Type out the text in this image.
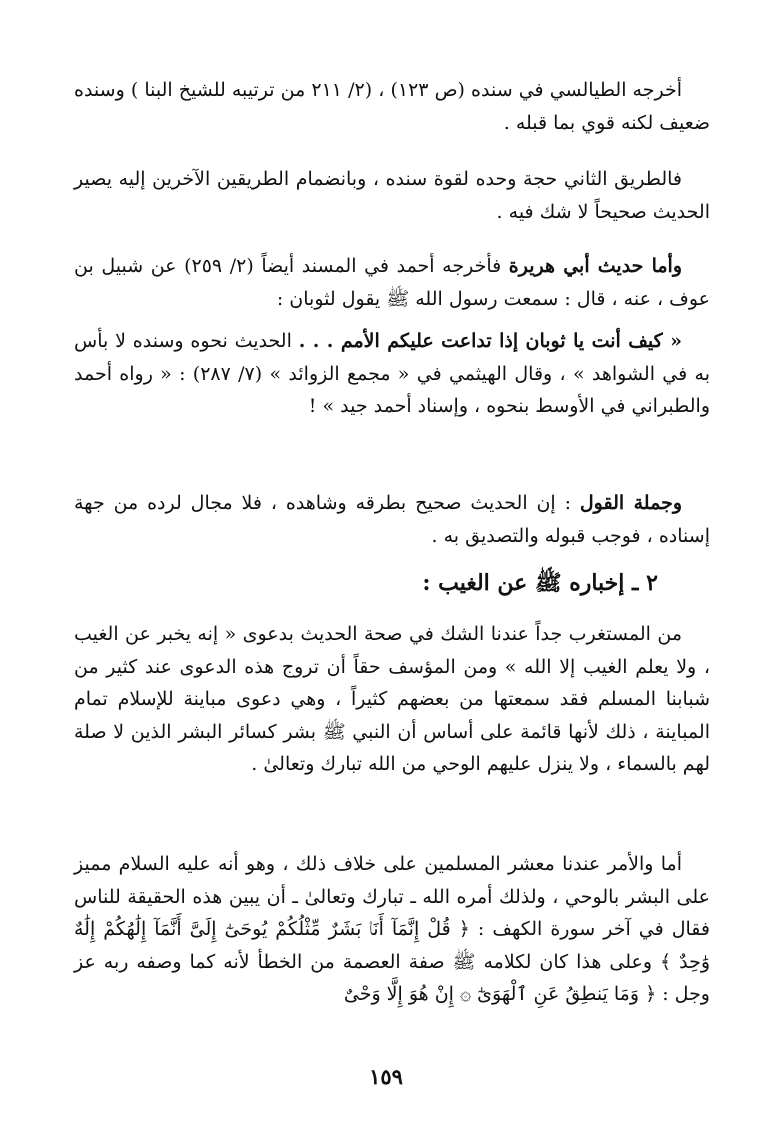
أخرجه الطيالسي في سنده (ص ١٢٣) ، (٢/ ٢١١ من ترتيبه للشيخ البنا ) وسنده ضعيف لكنه قوي بما قبله .

فالطريق الثاني حجة وحده لقوة سنده ، وبانضمام الطريقين الآخرين إليه يصير الحديث صحيحاً لا شك فيه .

وأما حديث أبي هريرة فأخرجه أحمد في المسند أيضاً (٢/ ٢٥٩) عن شبيل بن عوف ، عنه ، قال : سمعت رسول الله ﷺ يقول لثوبان :

« كيف أنت يا ثوبان إذا تداعت عليكم الأمم . . . الحديث نحوه وسنده لا بأس به في الشواهد » ، وقال الهيثمي في « مجمع الزوائد » (٧/ ٢٨٧) : « رواه أحمد والطبراني في الأوسط بنحوه ، وإسناد أحمد جيد » !

وجملة القول : إن الحديث صحيح بطرقه وشاهده ، فلا مجال لرده من جهة إسناده ، فوجب قبوله والتصديق به .

٢ ـ إخباره ﷺ عن الغيب :

من المستغرب جداً عندنا الشك في صحة الحديث بدعوى « إنه يخبر عن الغيب ، ولا يعلم الغيب إلا الله » ومن المؤسف حقاً أن تروج هذه الدعوى عند كثير من شبابنا المسلم فقد سمعتها من بعضهم كثيراً ، وهي دعوى مباينة للإسلام تمام المباينة ، ذلك لأنها قائمة على أساس أن النبي ﷺ بشر كسائر البشر الذين لا صلة لهم بالسماء ، ولا ينزل عليهم الوحي من الله تبارك وتعالىٰ .

أما والأمر عندنا معشر المسلمين على خلاف ذلك ، وهو أنه عليه السلام مميز على البشر بالوحي ، ولذلك أمره الله ـ تبارك وتعالىٰ ـ أن يبين هذه الحقيقة للناس فقال في آخر سورة الكهف : ﴿ قُلْ إِنَّمَآ أَنَا۠ بَشَرٌ مِّثْلُكُمْ يُوحَىٰٓ إِلَىَّ أَنَّمَآ إِلَٰهُكُمْ إِلَٰهٌ وَٰحِدٌ ﴾ وعلى هذا كان لكلامه ﷺ صفة العصمة من الخطأ لأنه كما وصفه ربه عز وجل : ﴿ وَمَا يَنطِقُ عَنِ ٱلْهَوَىٰٓ ۞ إِنْ هُوَ إِلَّا وَحْىٌ

١٥٩
